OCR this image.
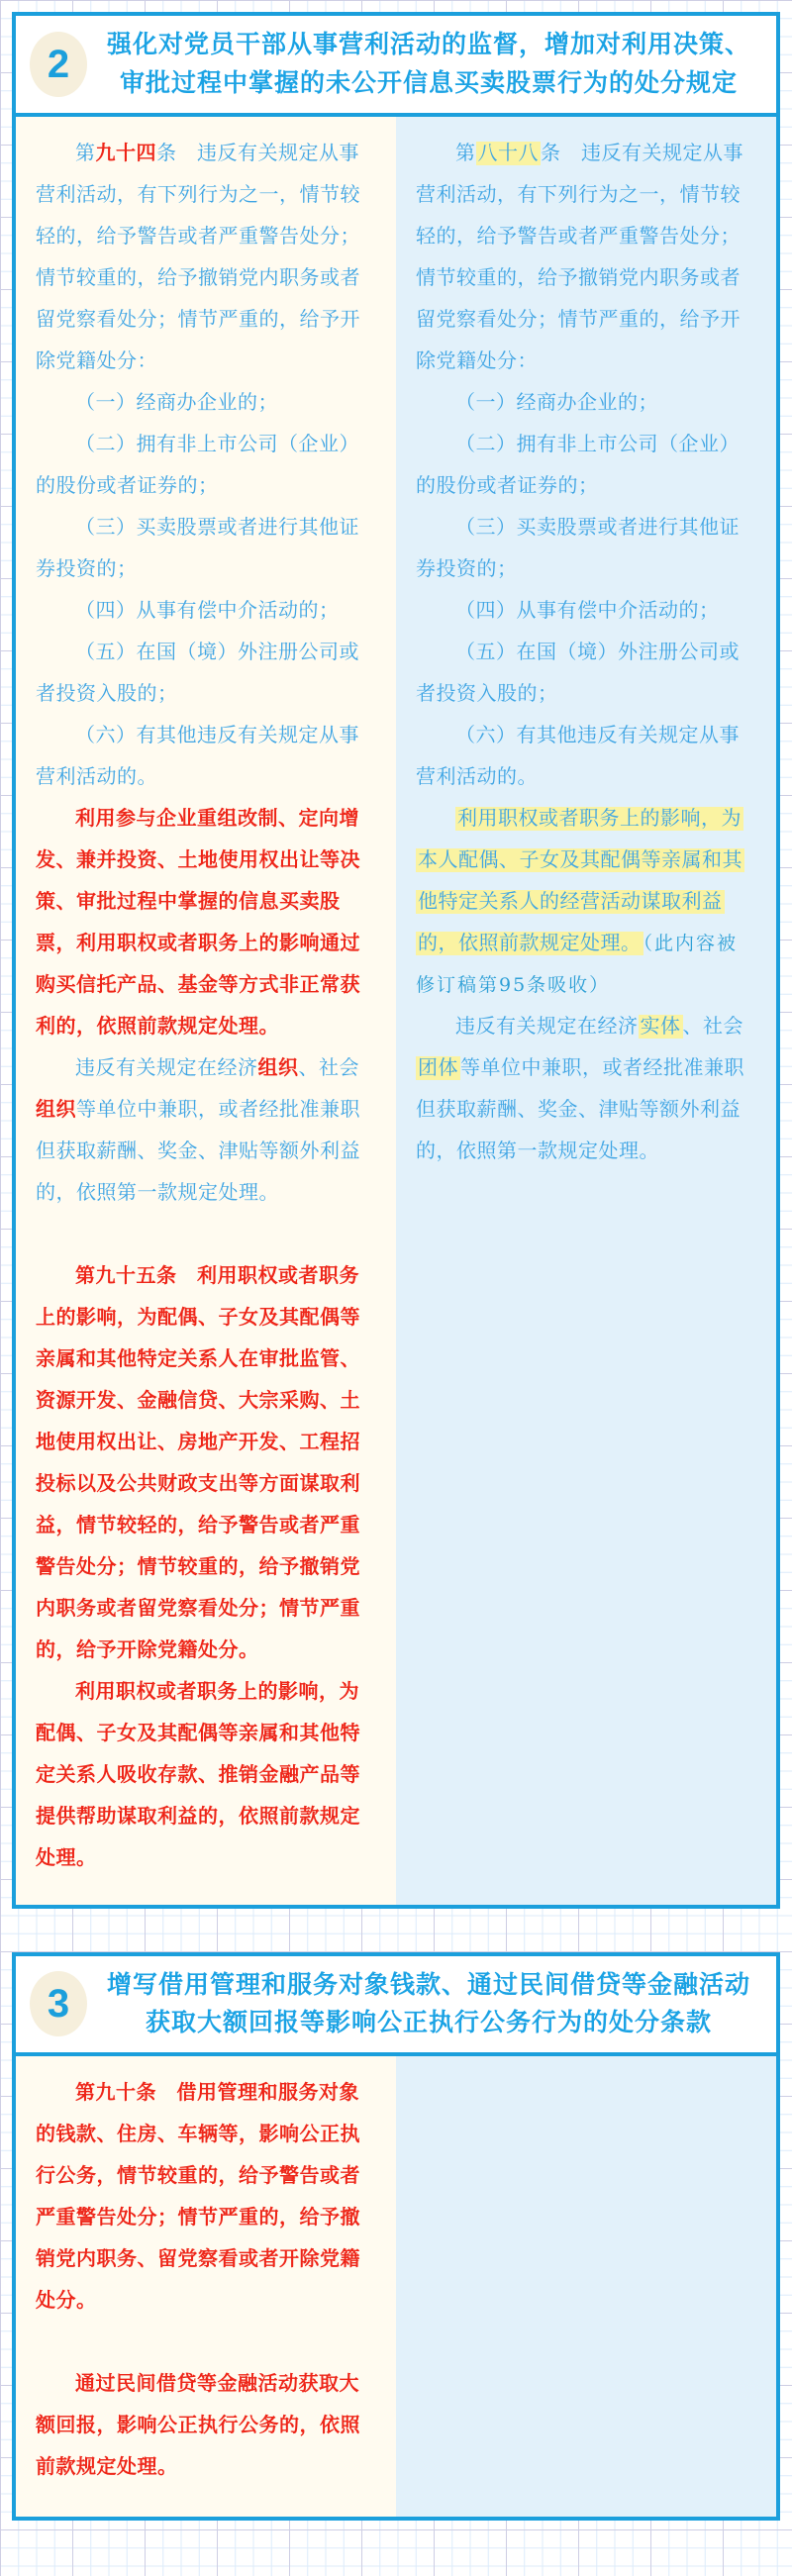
2	强化对党员干部从事营利活动的监督，增加对利用决策、审批过程中掌握的未公开信息买卖股票行为的处分规定

第九十四条　违反有关规定从事营利活动，有下列行为之一，情节较轻的，给予警告或者严重警告处分；情节较重的，给予撤销党内职务或者留党察看处分；情节严重的，给予开除党籍处分：

（一）经商办企业的；

（二）拥有非上市公司（企业）的股份或者证券的；

（三）买卖股票或者进行其他证券投资的；

（四）从事有偿中介活动的；

（五）在国（境）外注册公司或者投资入股的；

（六）有其他违反有关规定从事营利活动的。

利用参与企业重组改制、定向增发、兼并投资、土地使用权出让等决策、审批过程中掌握的信息买卖股票，利用职权或者职务上的影响通过购买信托产品、基金等方式非正常获利的，依照前款规定处理。

违反有关规定在经济组织、社会组织等单位中兼职，或者经批准兼职但获取薪酬、奖金、津贴等额外利益的，依照第一款规定处理。

第九十五条　利用职权或者职务上的影响，为配偶、子女及其配偶等亲属和其他特定关系人在审批监管、资源开发、金融信贷、大宗采购、土地使用权出让、房地产开发、工程招投标以及公共财政支出等方面谋取利益，情节较轻的，给予警告或者严重警告处分；情节较重的，给予撤销党内职务或者留党察看处分；情节严重的，给予开除党籍处分。

利用职权或者职务上的影响，为配偶、子女及其配偶等亲属和其他特定关系人吸收存款、推销金融产品等提供帮助谋取利益的，依照前款规定处理。

第 八十八 条　违反有关规定从事营利活动，有下列行为之一，情节较轻的，给予警告或者严重警告处分；情节较重的，给予撤销党内职务或者留党察看处分；情节严重的，给予开除党籍处分：

（一）经商办企业的；

（二）拥有非上市公司（企业）的股份或者证券的；

（三）买卖股票或者进行其他证券投资的；

（四）从事有偿中介活动的；

（五）在国（境）外注册公司或者投资入股的；

（六）有其他违反有关规定从事营利活动的。

利用职权或者职务上的影响，为本人配偶、子女及其配偶等亲属和其他特定关系人的经营活动谋取利益的，依照前款规定处理。 （此内容被修订稿第95条吸收）

违反有关规定在经济 实体 、社会团体 等单位中兼职，或者经批准兼职但获取薪酬、奖金、津贴等额外利益的，依照第一款规定处理。

3	增写借用管理和服务对象钱款、通过民间借贷等金融活动获取大额回报等影响公正执行公务行为的处分条款

第九十条　借用管理和服务对象的钱款、住房、车辆等，影响公正执行公务，情节较重的，给予警告或者严重警告处分；情节严重的，给予撤销党内职务、留党察看或者开除党籍处分。

通过民间借贷等金融活动获取大额回报，影响公正执行公务的，依照前款规定处理。
